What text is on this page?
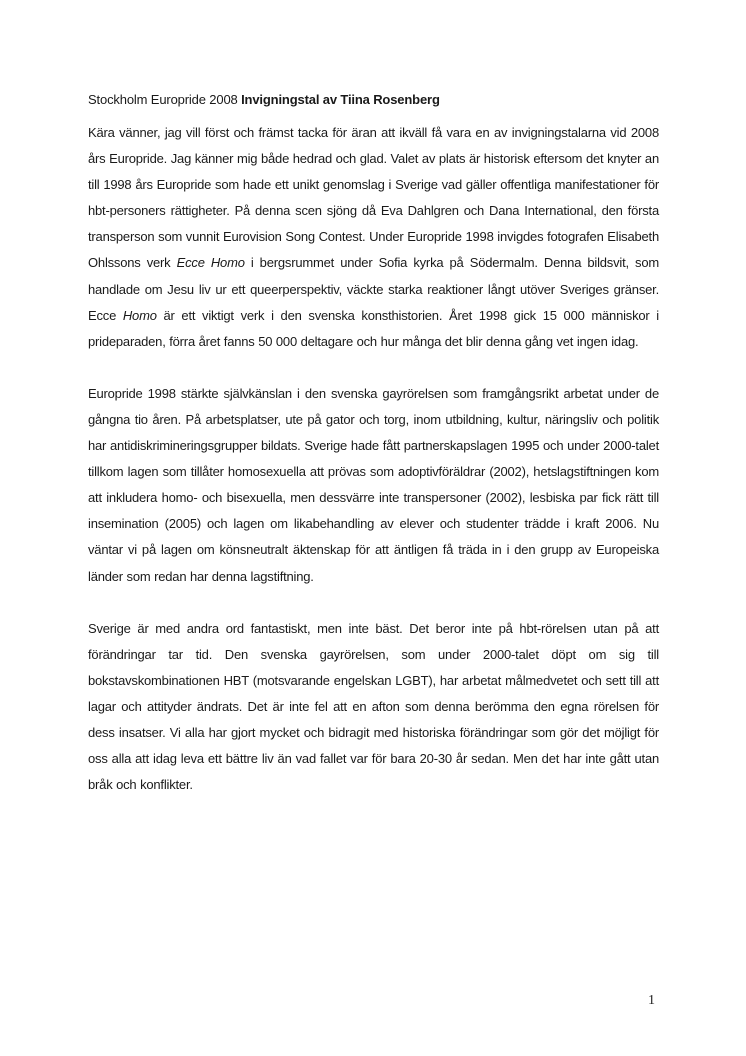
Stockholm Europride 2008 Invigningstal av Tiina Rosenberg

Kära vänner, jag vill först och främst tacka för äran att ikväll få vara en av invigningstalarna vid 2008 års Europride. Jag känner mig både hedrad och glad. Valet av plats är historisk eftersom det knyter an till 1998 års Europride som hade ett unikt genomslag i Sverige vad gäller offentliga manifestationer för hbt-personers rättigheter. På denna scen sjöng då Eva Dahlgren och Dana International, den första transperson som vunnit Eurovision Song Contest. Under Europride 1998 invigdes fotografen Elisabeth Ohlssons verk Ecce Homo i bergsrummet under Sofia kyrka på Södermalm. Denna bildsvit, som handlade om Jesu liv ur ett queerperspektiv, väckte starka reaktioner långt utöver Sveriges gränser. Ecce Homo är ett viktigt verk i den svenska konsthistorien. Året 1998 gick 15 000 människor i prideparaden, förra året fanns 50 000 deltagare och hur många det blir denna gång vet ingen idag.

Europride 1998 stärkte självkänslan i den svenska gayrörelsen som framgångsrikt arbetat under de gångna tio åren. På arbetsplatser, ute på gator och torg, inom utbildning, kultur, näringsliv och politik har antidiskrimineringsgrupper bildats. Sverige hade fått partnerskapslagen 1995 och under 2000-talet tillkom lagen som tillåter homosexuella att prövas som adoptivföräldrar (2002), hetslagstiftningen kom att inkludera homo- och bisexuella, men dessvärre inte transpersoner (2002), lesbiska par fick rätt till insemination (2005) och lagen om likabehandling av elever och studenter trädde i kraft 2006. Nu väntar vi på lagen om könsneutralt äktenskap för att äntligen få träda in i den grupp av Europeiska länder som redan har denna lagstiftning.

Sverige är med andra ord fantastiskt, men inte bäst. Det beror inte på hbt-rörelsen utan på att förändringar tar tid. Den svenska gayrörelsen, som under 2000-talet döpt om sig till bokstavskombinationen HBT (motsvarande engelskan LGBT), har arbetat målmedvetet och sett till att lagar och attityder ändrats. Det är inte fel att en afton som denna berömma den egna rörelsen för dess insatser. Vi alla har gjort mycket och bidragit med historiska förändringar som gör det möjligt för oss alla att idag leva ett bättre liv än vad fallet var för bara 20-30 år sedan. Men det har inte gått utan bråk och konflikter.

1
